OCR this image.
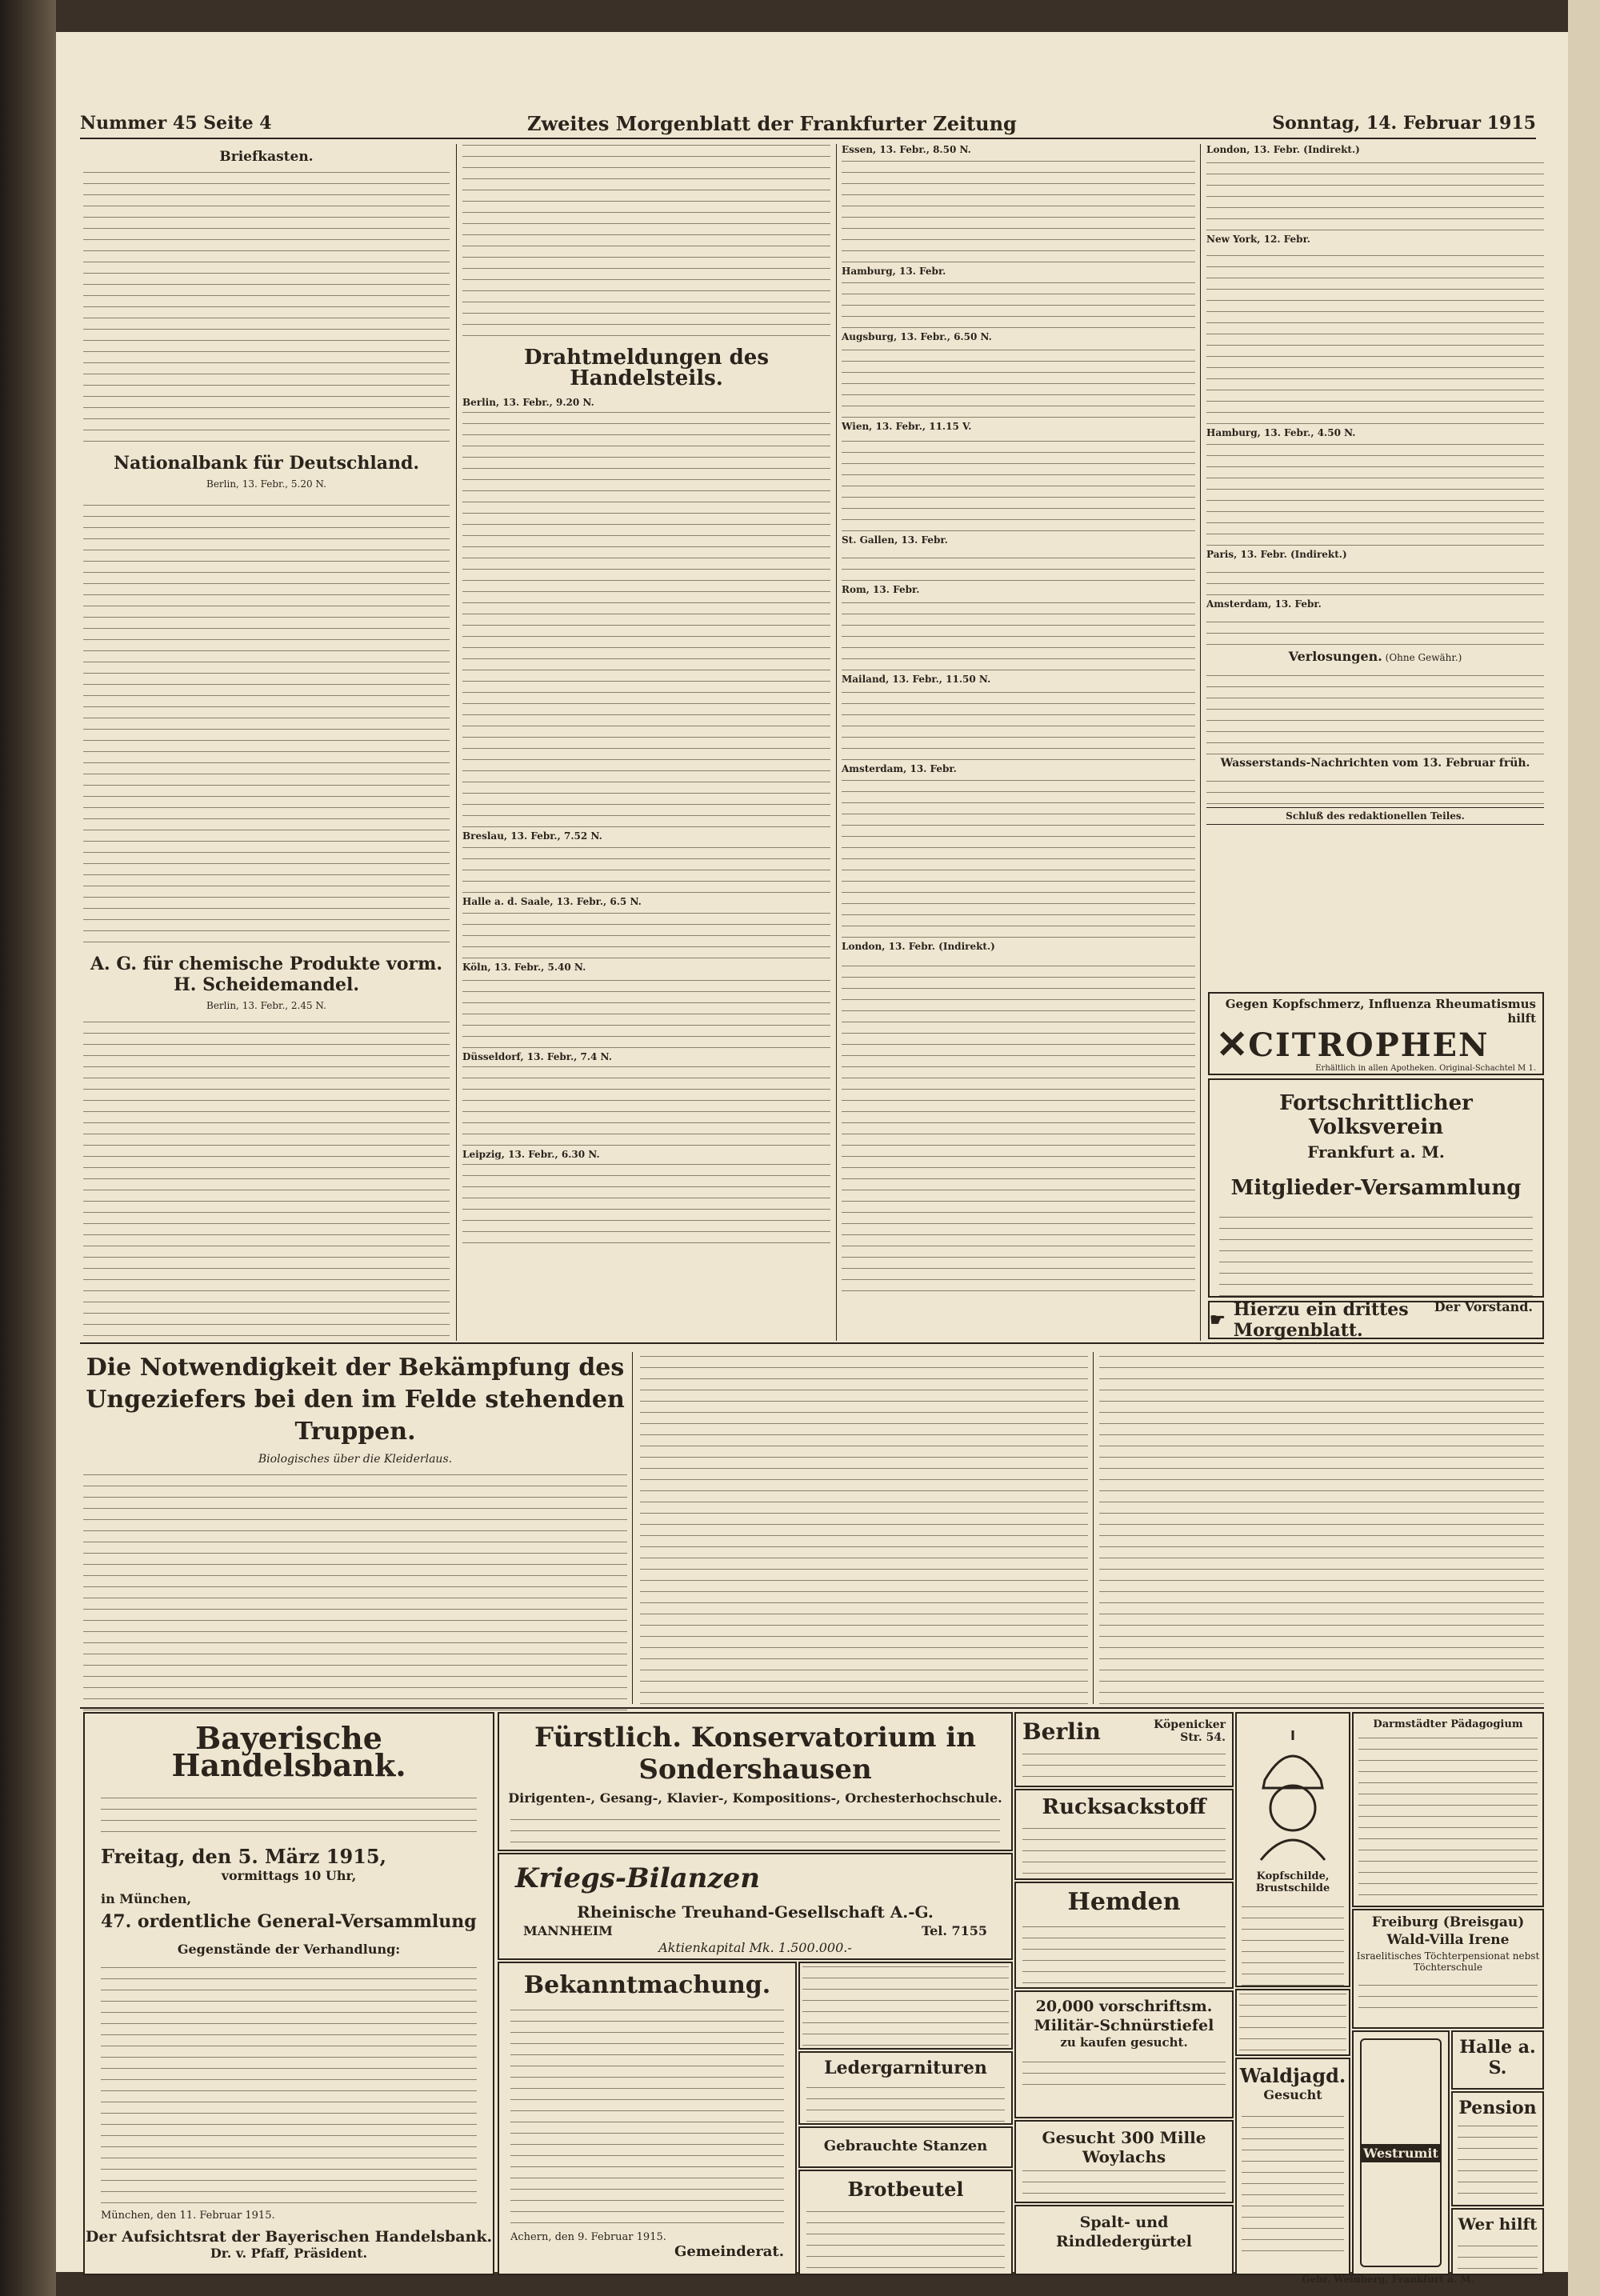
Nummer 45 Seite 4	Zweites Morgenblatt der Frankfurter Zeitung	Sonntag, 14. Februar 1915
Briefkasten.
Nationalbank für Deutschland.
Berlin, 13. Febr., 5.20 N.
A. G. für chemische Produkte vorm. H. Scheidemandel.
Berlin, 13. Febr., 2.45 N.
Drahtmeldungen des Handelsteils.
Berlin, 13. Febr., 9.20 N.
Breslau, 13. Febr., 7.52 N.
Halle a. d. Saale, 13. Febr., 6.5 N.
Köln, 13. Febr., 5.40 N.
Düsseldorf, 13. Febr., 7.4 N.
Leipzig, 13. Febr., 6.30 N.
Essen, 13. Febr., 8.50 N.
Hamburg, 13. Febr.
Augsburg, 13. Febr., 6.50 N.
Wien, 13. Febr., 11.15 V.
St. Gallen, 13. Febr.
Rom, 13. Febr.
Mailand, 13. Febr., 11.50 N.
Amsterdam, 13. Febr.
London, 13. Febr. (Indirekt.)
London, 13. Febr. (Indirekt.)
New York, 12. Febr.
Hamburg, 13. Febr., 4.50 N.
Paris, 13. Febr. (Indirekt.)
Amsterdam, 13. Febr.
Verlosungen. (Ohne Gewähr.)
Wasserstands-Nachrichten vom 13. Februar früh.
Schluß des redaktionellen Teiles.
Gegen Kopfschmerz, Influenza Rheumatismus hilft
✕ CITROPHEN
Erhältlich in allen Apotheken. Original-Schachtel M 1.
Fortschrittlicher Volksverein
Frankfurt a. M.
Mitglieder-Versammlung
Der Vorstand.
☛ Hierzu ein drittes Morgenblatt.
Die Notwendigkeit der Bekämpfung des Ungeziefers bei den im Felde stehenden Truppen.
Biologisches über die Kleiderlaus.
Bayerische Handelsbank.
Freitag, den 5. März 1915,
vormittags 10 Uhr,
in München,
47. ordentliche General-Versammlung
Gegenstände der Verhandlung:
München, den 11. Februar 1915.
Der Aufsichtsrat der Bayerischen Handelsbank.
Dr. v. Pfaff, Präsident.
Fürstlich. Konservatorium in Sondershausen
Dirigenten-, Gesang-, Klavier-, Kompositions-, Orchesterhochschule.
Kriegs-Bilanzen
Rheinische Treuhand-Gesellschaft A.-G.
MANNHEIM	Tel. 7155
Aktienkapital Mk. 1.500.000.-
Bekanntmachung.
Achern, den 9. Februar 1915.
Gemeinderat.
Ledergarnituren
Gebrauchte Stanzen
Brotbeutel
Berlin	Köpenicker Str. 54.
Rucksackstoff
Hemden
20,000 vorschriftsm. Militär-Schnürstiefel
zu kaufen gesucht.
Gesucht 300 Mille Woylachs
Spalt- und Rindledergürtel
Kopfschilde, Brustschilde
Waldjagd.
Gesucht
Darmstädter Pädagogium
Freiburg (Breisgau) Wald-Villa Irene
Israelitisches Töchterpensionat nebst Töchterschule
Westrumit
Halle a. S.
Pension
Wer hilft
Gebr. Weinberg, Frankfurt a. M.
